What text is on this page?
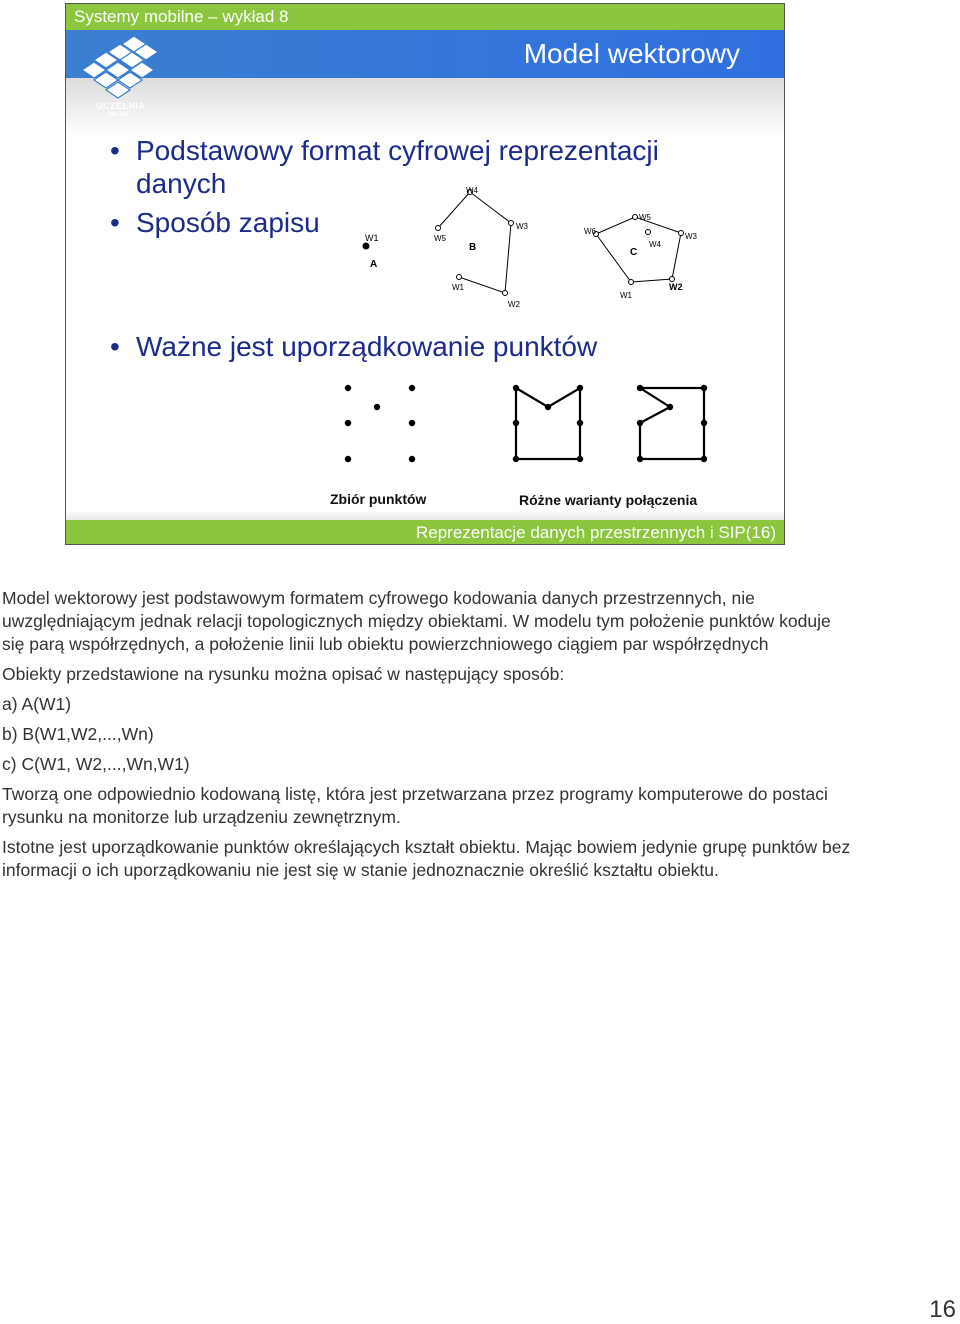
Systemy mobilne – wykład 8
UCZELNIA
ONLINE
Model wektorowy
• Podstawowy format cyfrowej reprezentacji danych
• Sposób zapisu	W1
A
W5
W4
W3
W2
W1
B
W6
W5
W4
W3
W2
W1
C
• Ważne jest uporządkowanie punktów
Zbiór punktów	Różne warianty połączenia
Reprezentacje danych przestrzennych i SIP(16)

Model wektorowy jest podstawowym formatem cyfrowego kodowania danych przestrzennych, nie uwzględniającym jednak relacji topologicznych między obiektami. W modelu tym położenie punktów koduje się parą współrzędnych, a położenie linii lub obiektu powierzchniowego ciągiem par współrzędnych

Obiekty przedstawione na rysunku można opisać w następujący sposób:

a) A(W1)

b) B(W1,W2,...,Wn)

c) C(W1, W2,...,Wn,W1)

Tworzą one odpowiednio kodowaną listę, która jest przetwarzana przez programy komputerowe do postaci rysunku na monitorze lub urządzeniu zewnętrznym.

Istotne jest uporządkowanie punktów określających kształt obiektu. Mając bowiem jedynie grupę punktów bez informacji o ich uporządkowaniu nie jest się w stanie jednoznacznie określić kształtu obiektu.

16
